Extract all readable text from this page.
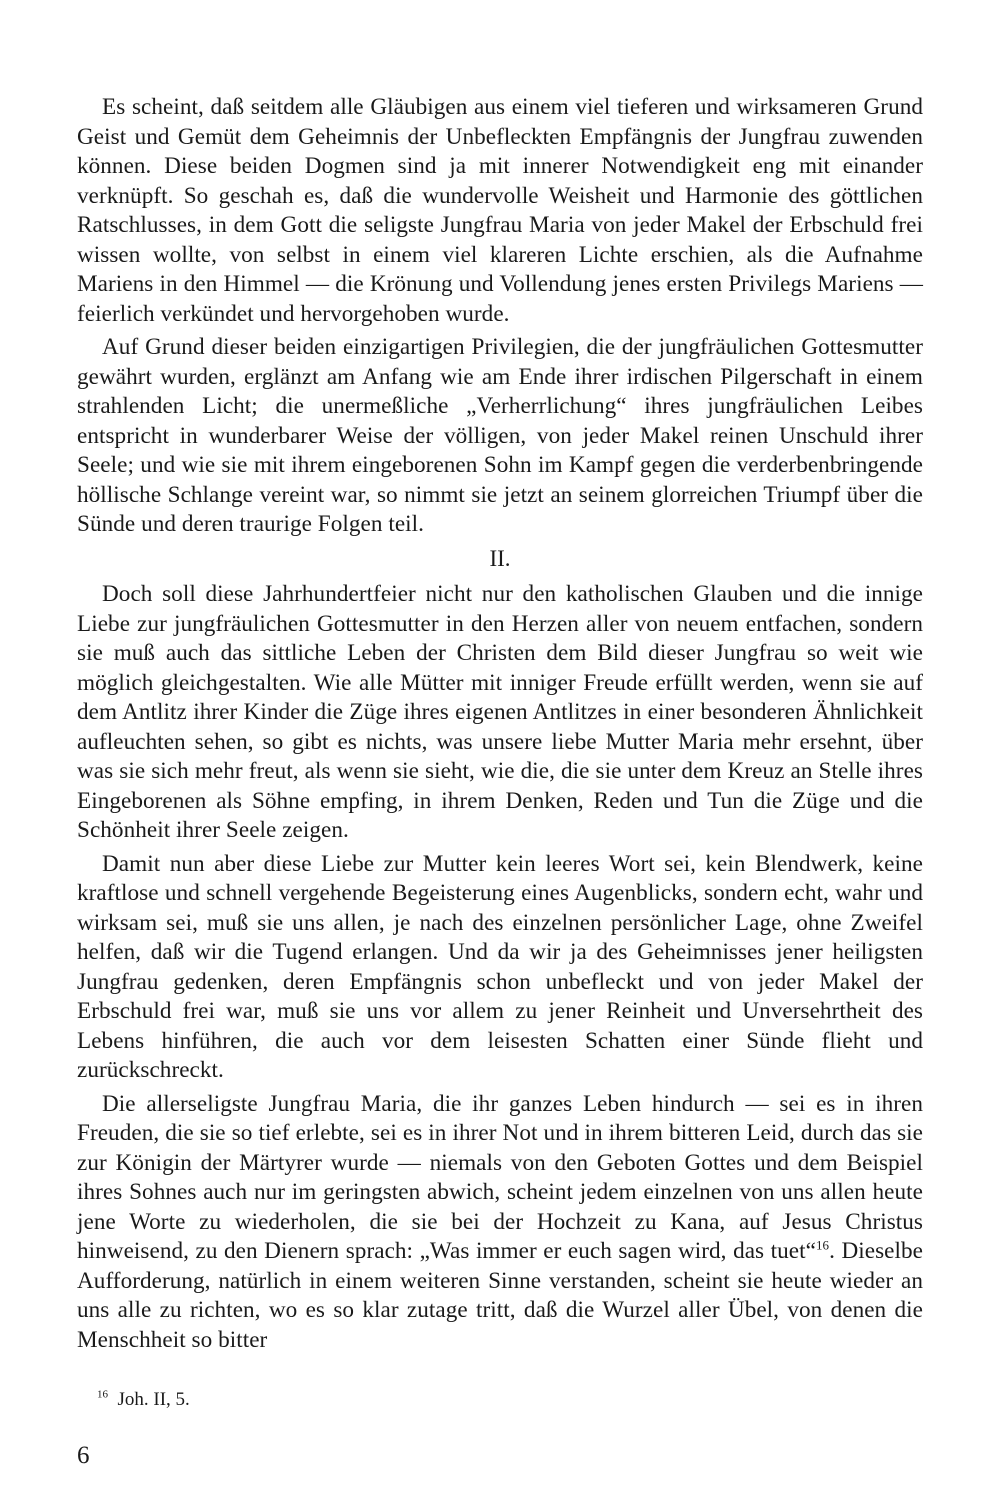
Es scheint, daß seitdem alle Gläubigen aus einem viel tieferen und wirksameren Grund Geist und Gemüt dem Geheimnis der Unbefleckten Empfängnis der Jungfrau zuwenden können. Diese beiden Dogmen sind ja mit innerer Notwendigkeit eng mit einander verknüpft. So geschah es, daß die wundervolle Weisheit und Harmonie des göttlichen Ratschlusses, in dem Gott die seligste Jungfrau Maria von jeder Makel der Erbschuld frei wissen wollte, von selbst in einem viel klareren Lichte erschien, als die Aufnahme Mariens in den Himmel — die Krönung und Vollendung jenes ersten Privilegs Mariens — feierlich verkündet und hervorgehoben wurde.

Auf Grund dieser beiden einzigartigen Privilegien, die der jungfräulichen Gottesmutter gewährt wurden, erglänzt am Anfang wie am Ende ihrer irdischen Pilgerschaft in einem strahlenden Licht; die unermeßliche „Verherrlichung“ ihres jungfräulichen Leibes entspricht in wunderbarer Weise der völligen, von jeder Makel reinen Unschuld ihrer Seele; und wie sie mit ihrem eingeborenen Sohn im Kampf gegen die verderbenbringende höllische Schlange vereint war, so nimmt sie jetzt an seinem glorreichen Triumpf über die Sünde und deren traurige Folgen teil.

II.

Doch soll diese Jahrhundertfeier nicht nur den katholischen Glauben und die innige Liebe zur jungfräulichen Gottesmutter in den Herzen aller von neuem entfachen, sondern sie muß auch das sittliche Leben der Christen dem Bild dieser Jungfrau so weit wie möglich gleichgestalten. Wie alle Mütter mit inniger Freude erfüllt werden, wenn sie auf dem Antlitz ihrer Kinder die Züge ihres eigenen Antlitzes in einer besonderen Ähnlichkeit aufleuchten sehen, so gibt es nichts, was unsere liebe Mutter Maria mehr ersehnt, über was sie sich mehr freut, als wenn sie sieht, wie die, die sie unter dem Kreuz an Stelle ihres Eingeborenen als Söhne empfing, in ihrem Denken, Reden und Tun die Züge und die Schönheit ihrer Seele zeigen.

Damit nun aber diese Liebe zur Mutter kein leeres Wort sei, kein Blendwerk, keine kraftlose und schnell vergehende Begeisterung eines Augenblicks, sondern echt, wahr und wirksam sei, muß sie uns allen, je nach des einzelnen persönlicher Lage, ohne Zweifel helfen, daß wir die Tugend erlangen. Und da wir ja des Geheimnisses jener heiligsten Jungfrau gedenken, deren Empfängnis schon unbefleckt und von jeder Makel der Erbschuld frei war, muß sie uns vor allem zu jener Reinheit und Unversehrtheit des Lebens hinführen, die auch vor dem leisesten Schatten einer Sünde flieht und zurückschreckt.

Die allerseligste Jungfrau Maria, die ihr ganzes Leben hindurch — sei es in ihren Freuden, die sie so tief erlebte, sei es in ihrer Not und in ihrem bitteren Leid, durch das sie zur Königin der Märtyrer wurde — niemals von den Geboten Gottes und dem Beispiel ihres Sohnes auch nur im geringsten abwich, scheint jedem einzelnen von uns allen heute jene Worte zu wiederholen, die sie bei der Hochzeit zu Kana, auf Jesus Christus hinweisend, zu den Dienern sprach: „Was immer er euch sagen wird, das tuet“$^{16}$. Dieselbe Aufforderung, natürlich in einem weiteren Sinne verstanden, scheint sie heute wieder an uns alle zu richten, wo es so klar zutage tritt, daß die Wurzel aller Übel, von denen die Menschheit so bitter

$^{16}$ Joh. II, 5.
6
